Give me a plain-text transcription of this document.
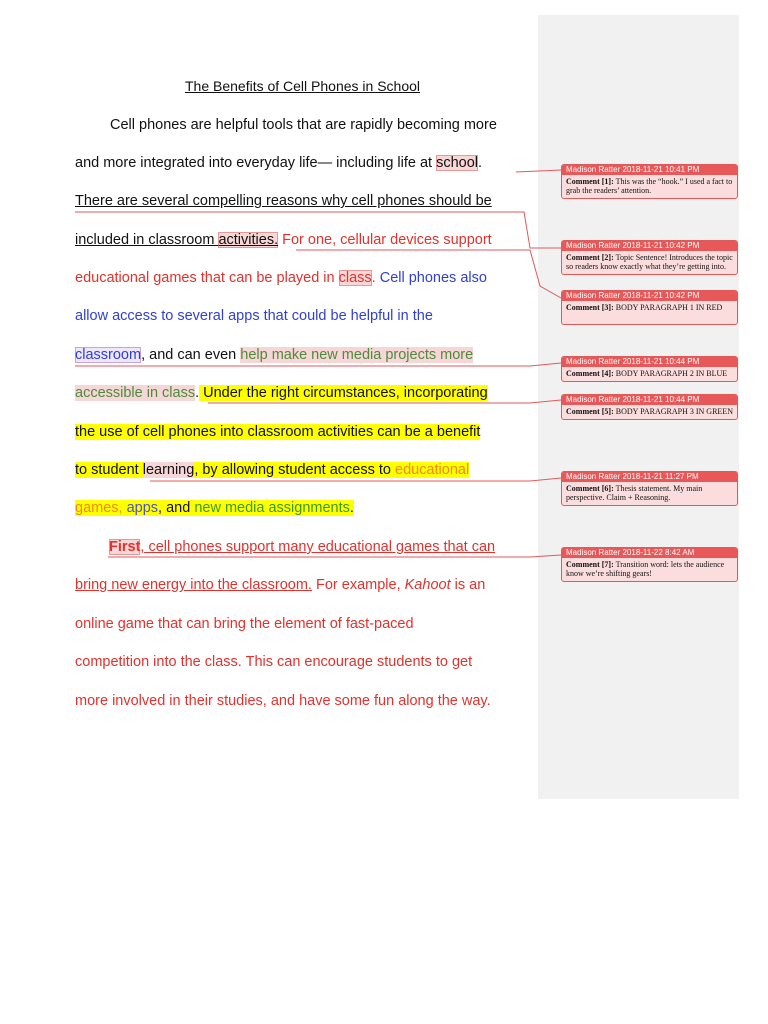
The Benefits of Cell Phones in School
Cell phones are helpful tools that are rapidly becoming more
and more integrated into everyday life— including life at school.
There are several compelling reasons why cell phones should be
included in classroom activities. For one, cellular devices support
educational games that can be played in class. Cell phones also
allow access to several apps that could be helpful in the
classroom, and can even help make new media projects more
accessible in class. Under the right circumstances, incorporating
the use of cell phones into classroom activities can be a benefit
to student learning, by allowing student access to educational
games, apps, and new media assignments.
First, cell phones support many educational games that can
bring new energy into the classroom. For example, Kahoot is an
online game that can bring the element of fast-paced
competition into the class. This can encourage students to get
more involved in their studies, and have some fun along the way.
Madison Ratter 2018-11-21 10:41 PM
Comment [1]: This was the “hook.” I used a fact to grab the readers’ attention.
Madison Ratter 2018-11-21 10:42 PM
Comment [2]: Topic Sentence! Introduces the topic so readers know exactly what they’re getting into.
Madison Ratter 2018-11-21 10:42 PM
Comment [3]: BODY PARAGRAPH 1 IN RED
Madison Ratter 2018-11-21 10:44 PM
Comment [4]: BODY PARAGRAPH 2 IN BLUE
Madison Ratter 2018-11-21 10:44 PM
Comment [5]: BODY PARAGRAPH 3 IN GREEN
Madison Ratter 2018-11-21 11:27 PM
Comment [6]: Thesis statement. My main perspective. Claim + Reasoning.
Madison Ratter 2018-11-22 8:42 AM
Comment [7]: Transition word: lets the audience know we’re shifting gears!
